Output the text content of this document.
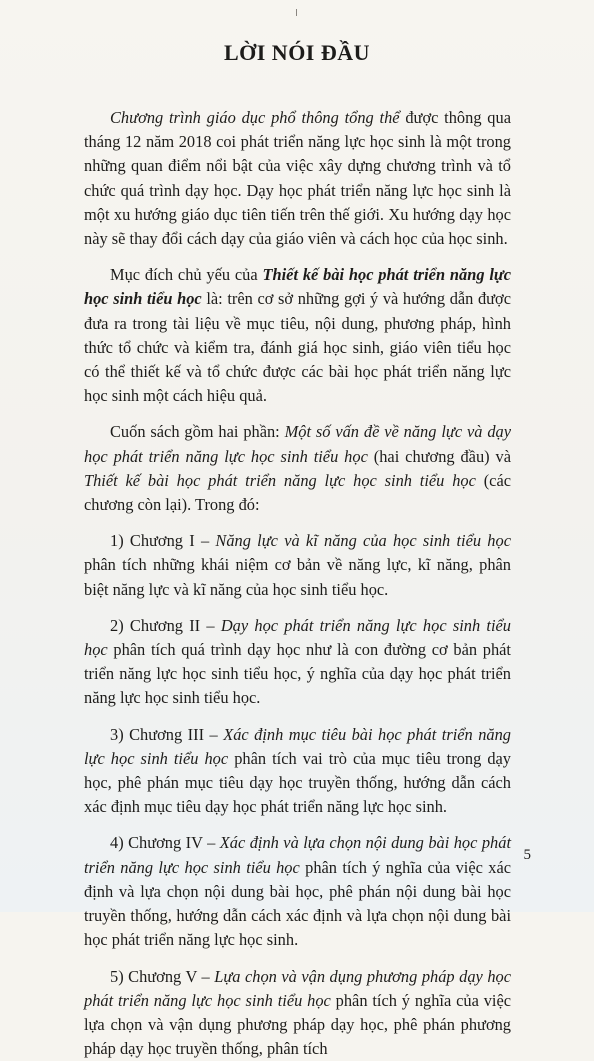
LỜI NÓI ĐẦU

Chương trình giáo dục phổ thông tổng thể được thông qua tháng 12 năm 2018 coi phát triển năng lực học sinh là một trong những quan điểm nổi bật của việc xây dựng chương trình và tổ chức quá trình dạy học. Dạy học phát triển năng lực học sinh là một xu hướng giáo dục tiên tiến trên thế giới. Xu hướng dạy học này sẽ thay đổi cách dạy của giáo viên và cách học của học sinh.

Mục đích chủ yếu của Thiết kế bài học phát triển năng lực học sinh tiểu học là: trên cơ sở những gợi ý và hướng dẫn được đưa ra trong tài liệu về mục tiêu, nội dung, phương pháp, hình thức tổ chức và kiểm tra, đánh giá học sinh, giáo viên tiểu học có thể thiết kế và tổ chức được các bài học phát triển năng lực học sinh một cách hiệu quả.

Cuốn sách gồm hai phần: Một số vấn đề về năng lực và dạy học phát triển năng lực học sinh tiểu học (hai chương đầu) và Thiết kế bài học phát triển năng lực học sinh tiểu học (các chương còn lại). Trong đó:

1) Chương I – Năng lực và kĩ năng của học sinh tiểu học phân tích những khái niệm cơ bản về năng lực, kĩ năng, phân biệt năng lực và kĩ năng của học sinh tiểu học.

2) Chương II – Dạy học phát triển năng lực học sinh tiểu học phân tích quá trình dạy học như là con đường cơ bản phát triển năng lực học sinh tiểu học, ý nghĩa của dạy học phát triển năng lực học sinh tiểu học.

3) Chương III – Xác định mục tiêu bài học phát triển năng lực học sinh tiểu học phân tích vai trò của mục tiêu trong dạy học, phê phán mục tiêu dạy học truyền thống, hướng dẫn cách xác định mục tiêu dạy học phát triển năng lực học sinh.

4) Chương IV – Xác định và lựa chọn nội dung bài học phát triển năng lực học sinh tiểu học phân tích ý nghĩa của việc xác định và lựa chọn nội dung bài học, phê phán nội dung bài học truyền thống, hướng dẫn cách xác định và lựa chọn nội dung bài học phát triển năng lực học sinh.

5) Chương V – Lựa chọn và vận dụng phương pháp dạy học phát triển năng lực học sinh tiểu học phân tích ý nghĩa của việc lựa chọn và vận dụng phương pháp dạy học, phê phán phương pháp dạy học truyền thống, phân tích

5
